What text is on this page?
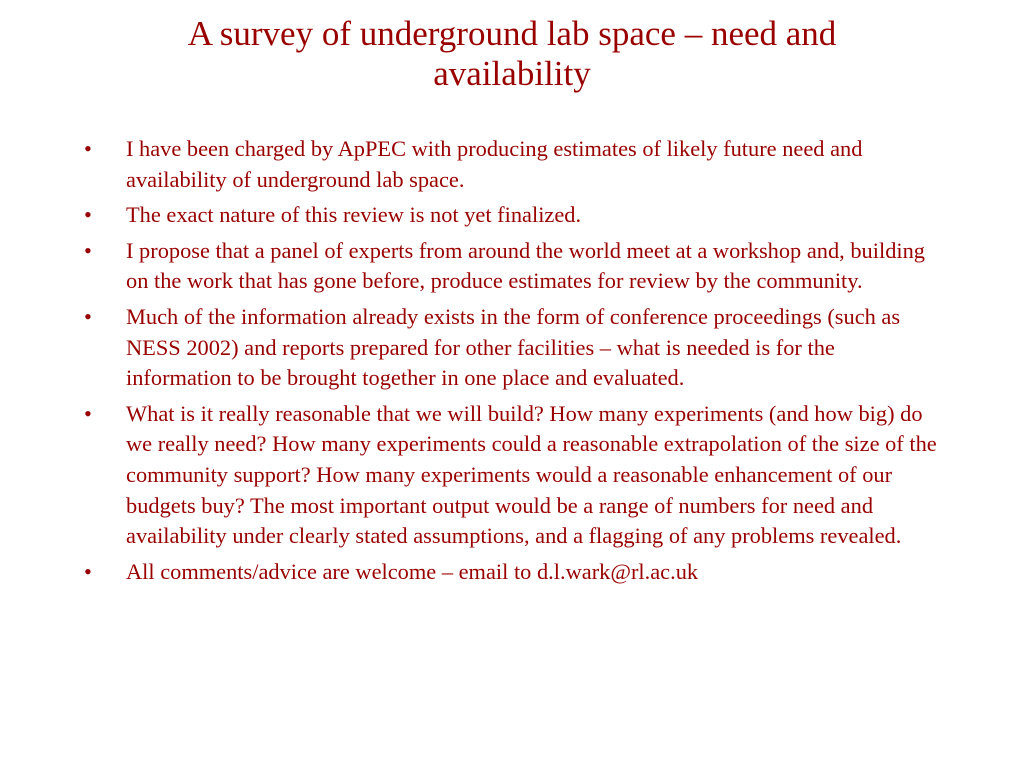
A survey of underground lab space – need and
availability
•	I have been charged by ApPEC with producing estimates of likely future need and availability of underground lab space.
•	The exact nature of this review is not yet finalized.
•	I propose that a panel of experts from around the world meet at a workshop and, building on the work that has gone before, produce estimates for review by the community.
•	Much of the information already exists in the form of conference proceedings (such as NESS 2002) and reports prepared for other facilities – what is needed is for the information to be brought together in one place and evaluated.
•	What is it really reasonable that we will build? How many experiments (and how big) do we really need? How many experiments could a reasonable extrapolation of the size of the community support? How many experiments would a reasonable enhancement of our budgets buy? The most important output would be a range of numbers for need and availability under clearly stated assumptions, and a flagging of any problems revealed.
•	All comments/advice are welcome – email to d.l.wark@rl.ac.uk
